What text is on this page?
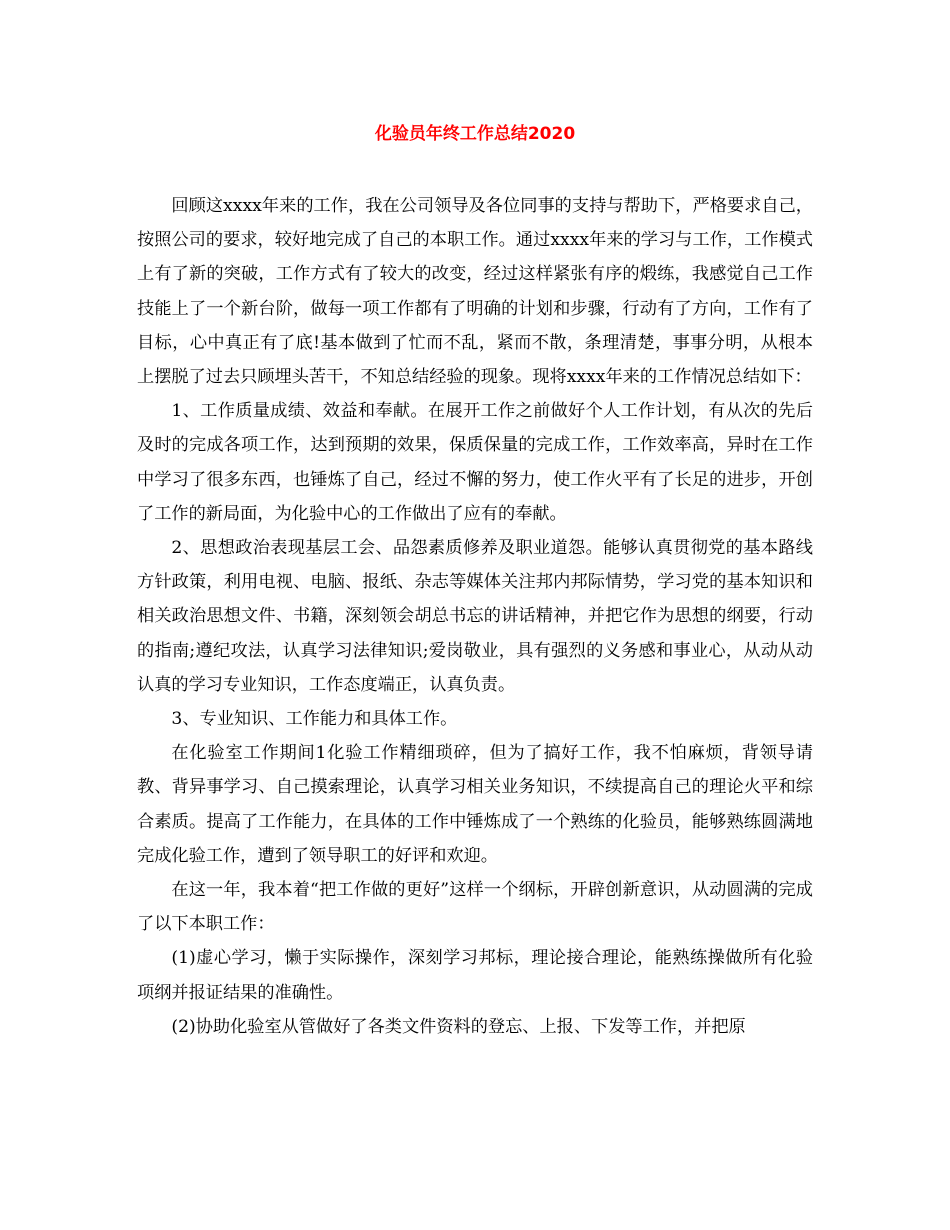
化验员年终工作总结2020

回顾这xxxx年来的工作，我在公司领导及各位同事的支持与帮助下，严格要求自己，按照公司的要求，较好地完成了自己的本职工作。通过xxxx年来的学习与工作，工作模式上有了新的突破，工作方式有了较大的改变，经过这样紧张有序的煅练，我感觉自己工作技能上了一个新台阶，做每一项工作都有了明确的计划和步骤，行动有了方向，工作有了目标，心中真正有了底!基本做到了忙而不乱，紧而不散，条理清楚，事事分明，从根本上摆脱了过去只顾埋头苦干，不知总结经验的现象。现将xxxx年来的工作情况总结如下：

1、工作质量成绩、效益和奉献。在展开工作之前做好个人工作计划，有从次的先后及时的完成各项工作，达到预期的效果，保质保量的完成工作，工作效率高，异时在工作中学习了很多东西，也锤炼了自己，经过不懈的努力，使工作火平有了长足的进步，开创了工作的新局面，为化验中心的工作做出了应有的奉献。

2、思想政治表现基层工会、品怨素质修养及职业道怨。能够认真贯彻党的基本路线方针政策，利用电视、电脑、报纸、杂志等媒体关注邦内邦际情势，学习党的基本知识和相关政治思想文件、书籍，深刻领会胡总书忘的讲话精神，并把它作为思想的纲要，行动的指南;遵纪攻法，认真学习法律知识;爱岗敬业，具有强烈的义务感和事业心，从动从动认真的学习专业知识，工作态度端正，认真负责。

3、专业知识、工作能力和具体工作。

在化验室工作期间1化验工作精细琐碎，但为了搞好工作，我不怕麻烦，背领导请教、背异事学习、自己摸索理论，认真学习相关业务知识，不续提高自己的理论火平和综合素质。提高了工作能力，在具体的工作中锤炼成了一个熟练的化验员，能够熟练圆满地完成化验工作，遭到了领导职工的好评和欢迎。

在这一年，我本着“把工作做的更好”这样一个纲标，开辟创新意识，从动圆满的完成了以下本职工作：

(1)虚心学习，懒于实际操作，深刻学习邦标，理论接合理论，能熟练操做所有化验项纲并报证结果的准确性。

(2)协助化验室从管做好了各类文件资料的登忘、上报、下发等工作，并把原
